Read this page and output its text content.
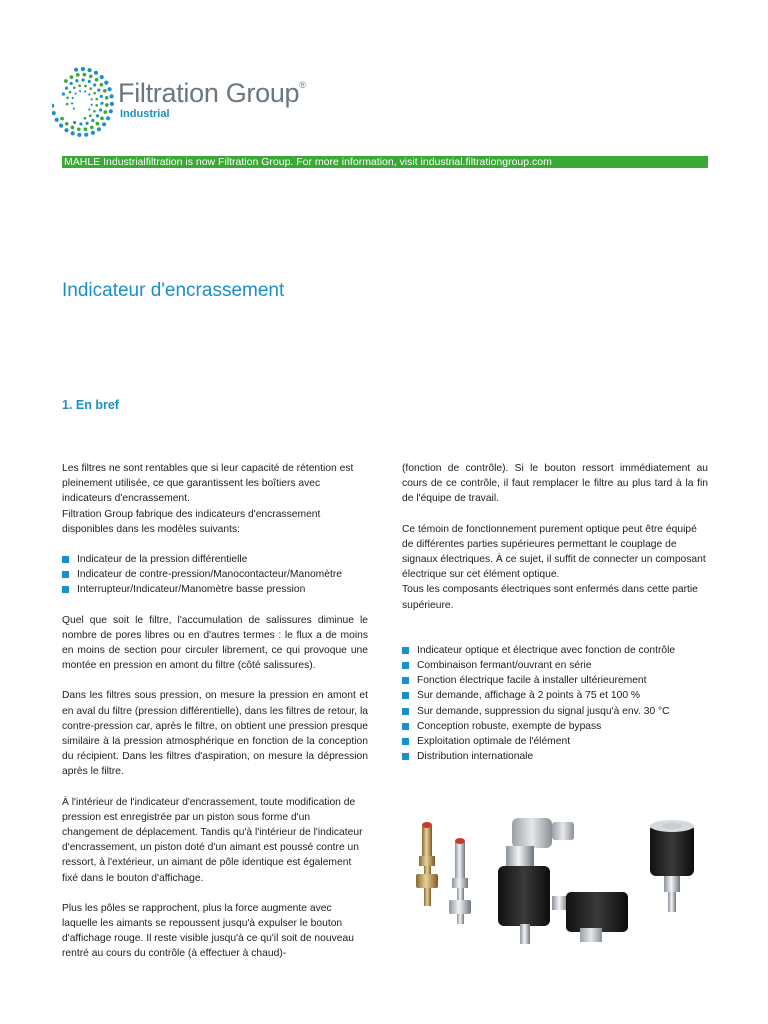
Filtration Group®
Industrial
MAHLE Industrialfiltration is now Filtration Group. For more information, visit industrial.filtrationgroup.com
Indicateur d'encrassement
1. En bref

Les filtres ne sont rentables que si leur capacité de rétention est pleinement utilisée, ce que garantissent les boîtiers avec indicateurs d'encrassement.

Filtration Group fabrique des indicateurs d'encrassement disponibles dans les modèles suivants:

Indicateur de la pression différentielle
Indicateur de contre-pression/Manocontacteur/Manomètre
Interrupteur/Indicateur/Manomètre basse pression

Quel que soit le filtre, l'accumulation de salissures diminue le nombre de pores libres ou en d'autres termes : le flux a de moins en moins de section pour circuler librement, ce qui provoque une montée en pression en amont du filtre (côté salissures).

Dans les filtres sous pression, on mesure la pression en amont et en aval du filtre (pression différentielle), dans les filtres de retour, la contre-pression car, après le filtre, on obtient une pression presque similaire à la pression atmosphérique en fonction de la conception du récipient. Dans les filtres d'aspiration, on mesure la dépression après le filtre.

À l'intérieur de l'indicateur d'encrassement, toute modification de pression est enregistrée par un piston sous forme d'un changement de déplacement. Tandis qu'à l'intérieur de l'indicateur d'encrassement, un piston doté d'un aimant est poussé contre un ressort, à l'extérieur, un aimant de pôle identique est également fixé dans le bouton d'affichage.

Plus les pôles se rapprochent, plus la force augmente avec laquelle les aimants se repoussent jusqu'à expulser le bouton d'affichage rouge. Il reste visible jusqu'à ce qu'il soit de nouveau rentré au cours du contrôle (à effectuer à chaud)-

(fonction de contrôle). Si le bouton ressort immédiatement au cours de ce contrôle, il faut remplacer le filtre au plus tard à la fin de l'équipe de travail.

Ce témoin de fonctionnement purement optique peut être équipé de différentes parties supérieures permettant le couplage de signaux électriques. À ce sujet, il suffit de connecter un composant électrique sur cet élément optique.

Tous les composants électriques sont enfermés dans cette partie supérieure.

Indicateur optique et électrique avec fonction de contrôle
Combinaison fermant/ouvrant en série
Fonction électrique facile à installer ultérieurement
Sur demande, affichage à 2 points à 75 et 100 %
Sur demande, suppression du signal jusqu'à env. 30 °C
Conception robuste, exempte de bypass
Exploitation optimale de l'élément
Distribution internationale
